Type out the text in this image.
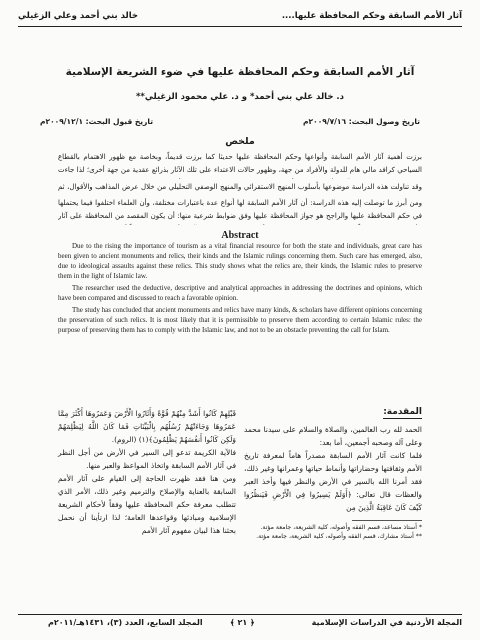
آثار الأمم السابقة وحكم المحافظة عليها....
خالد بني أحمد وعلي الزغيلي
آثار الأمم السابقة وحكم المحافظة عليها في ضوء الشريعة الإسلامية
د. خالد علي بني أحمد* و د. علي محمود الزغيلي**
تاريخ وصول البحث: ٢٠٠٩/٧/١٦م
تاريخ قبول البحث: ٢٠٠٩/١٢/١م
ملخص
برزت أهمية آثار الأمم السابقة وأنواعها وحكم المحافظة عليها حديثا كما برزت قديماً، وبخاصة مع ظهور الاهتمام بالقطاع السياحي كرافد مالي هام للدولة والأفراد من جهة، وظهور حالات الاعتداء على تلك الآثار بذرائع عقدية من جهة أخرى؛ لذا جاءت
وقد تناولت هذه الدراسة موضوعها بأسلوب المنهج الاستقرائي والمنهج الوصفي التحليلي من خلال عرض المذاهب والأقوال، ثم
ومن أبرز ما توصلت إليه هذه الدراسة: أن آثار الأمم السابقة لها أنواع عدة باعتبارات مختلفة، وأن العلماء اختلفوا فيما يحتملها في حكم المحافظة عليها والراجح هو جواز المحافظة عليها وفق ضوابط شرعية منها: أن يكون المقصد من المحافظة على آثار
Abstract

Due to the rising the importance of tourism as a vital financial resource for both the state and individuals, great care has been given to ancient monuments and relics, their kinds and the Islamic rulings concerning them. Such care has emerged, also, due to ideological assaults against these relics. This study shows what the relics are, their kinds, the Islamic rules to preserve them in the light of Islamic law.

The researcher used the deductive, descriptive and analytical approaches in addressing the doctrines and opinions, which have been compared and discussed to reach a favorable opinion.

The study has concluded that ancient monuments and relics have many kinds, & scholars have different opinions concerning the preservation of such relics. It is most likely that it is permissible to preserve them according to certain Islamic rules: the purpose of preserving them has to comply with the Islamic law, and not to be an obstacle preventing the call for Islam.

المقدمة:
الحمد لله رب العالمين، والصلاة والسلام على سيدنا محمد وعلى آله وصحبه أجمعين، أما بعد:
فلما كانت آثار الأمم السابقة مصدراً هاماً لمعرفة تاريخ الأمم وثقافتها وحضاراتها وأنماط حياتها وعمرانها وغير ذلك، فقد أمرنا الله بالسير في الأرض والنظر فيها وأخذ العبر والعظات قال تعالى: ﴿أَوَلَمْ يَسِيرُوا فِي الْأَرْضِ فَيَنظُرُوا كَيْفَ كَانَ عَاقِبَةُ الَّذِينَ مِن
* أستاذ مساعد، قسم الفقه وأصوله، كلية الشريعة، جامعة مؤتة.
** أستاذ مشارك، قسم الفقه وأصوله، كلية الشريعة، جامعة مؤتة.
قَبْلِهِمْ كَانُوا أَشَدَّ مِنْهُمْ قُوَّةً وَأَثَارُوا الْأَرْضَ وَعَمَرُوهَا أَكْثَرَ مِمَّا عَمَرُوهَا وَجَاءَتْهُمْ رُسُلُهُم بِالْبَيِّنَاتِ فَمَا كَانَ اللَّهُ لِيَظْلِمَهُمْ وَلَكِن كَانُوا أَنفُسَهُمْ يَظْلِمُونَ﴾(١) (الروم).
فالآية الكريمة تدعو إلى السير في الأرض من أجل النظر في آثار الأمم السابقة واتخاذ المواعظ والعبر منها.
ومن هنا فقد ظهرت الحاجة إلى القيام على آثار الأمم السابقة بالعناية والإصلاح والترميم وغير ذلك، الأمر الذي تتطلب معرفة حكم المحافظة عليها وفقاً لأحكام الشريعة الإسلامية ومبادئها وقواعدها العامة؛ لذا ارتأينا أن نحمل بحثنا هذا لبيان مفهوم آثار الأمم
المجلة الأردنية في الدراسات الإسلامية
﴿ ٢١ ﴾
المجلد السابع، العدد (٣)، ١٤٣١هـ/٢٠١١م
